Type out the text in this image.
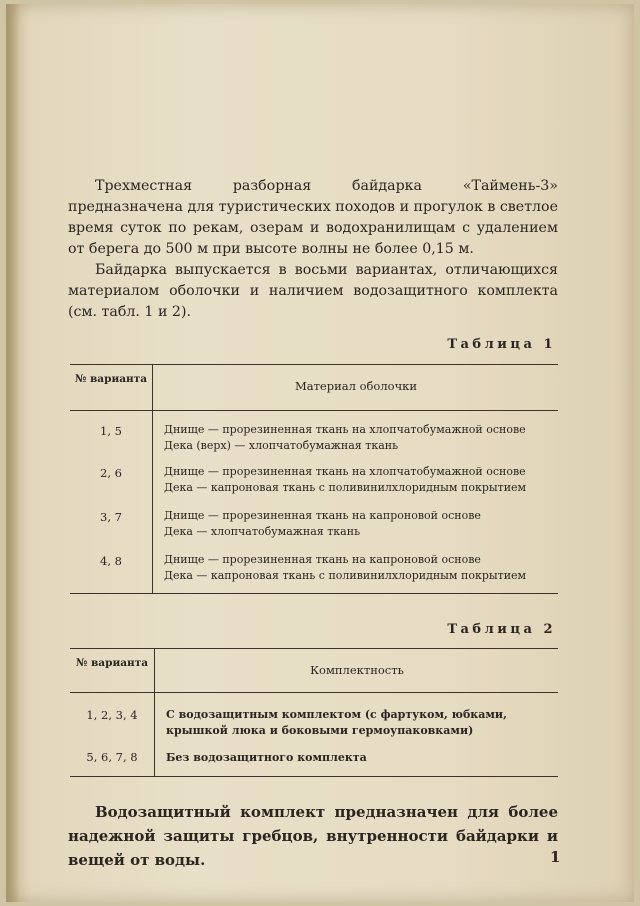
Трехместная разборная байдарка «Таймень-3» предназначена для туристических походов и прогулок в светлое время суток по рекам, озерам и водохранилищам с удалением от берега до 500 м при высоте волны не более 0,15 м.

Байдарка выпускается в восьми вариантах, отличающихся материалом оболочки и наличием водозащитного комплекта (см. табл. 1 и 2).

Таблица 1
№ варианта	Материал оболочки
1, 5	Днище — прорезиненная ткань на хлопчатобумажной основе
Дека (верх) — хлопчатобумажная ткань
2, 6	Днище — прорезиненная ткань на хлопчатобумажной основе
Дека — капроновая ткань с поливинилхлоридным покрытием
3, 7	Днище — прорезиненная ткань на капроновой основе
Дека — хлопчатобумажная ткань
4, 8	Днище — прорезиненная ткань на капроновой основе
Дека — капроновая ткань с поливинилхлоридным покрытием
Таблица 2
№ варианта	Комплектность
1, 2, 3, 4	С водозащитным комплектом (с фартуком, юбками, крышкой люка и боковыми гермоупаковками)
5, 6, 7, 8	Без водозащитного комплекта

Водозащитный комплект предназначен для более надежной защиты гребцов, внутренности байдарки и вещей от воды.	1
